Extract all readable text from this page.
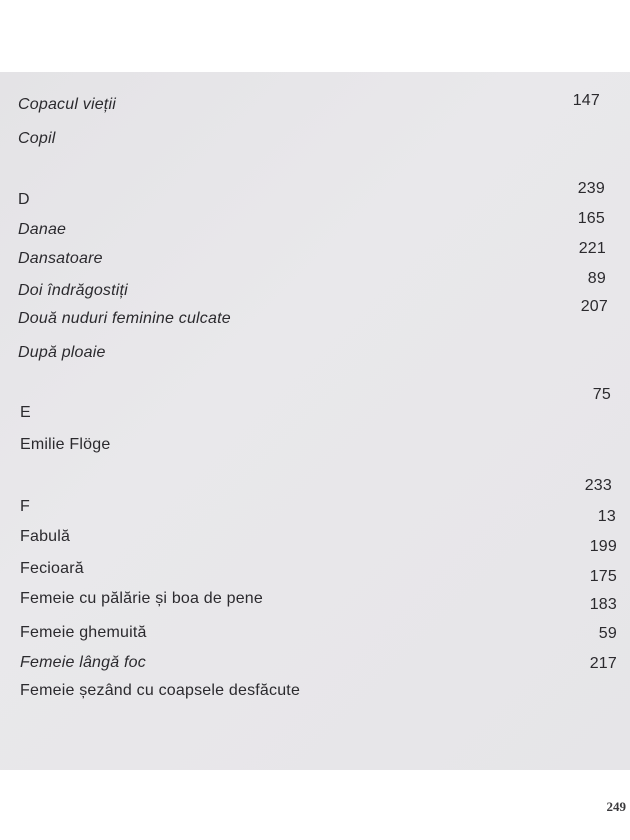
Copacul vieții
Copil
D
Danae
Dansatoare
Doi îndrăgostiți
Două nuduri feminine culcate
După ploaie
E
Emilie Flöge
F
Fabulă
Fecioară
Femeie cu pălărie și boa de pene
Femeie ghemuită
Femeie lângă foc
Femeie șezând cu coapsele desfăcute
147
239
165
221
89
207
75
233
13
199
175
183
59
217
249
